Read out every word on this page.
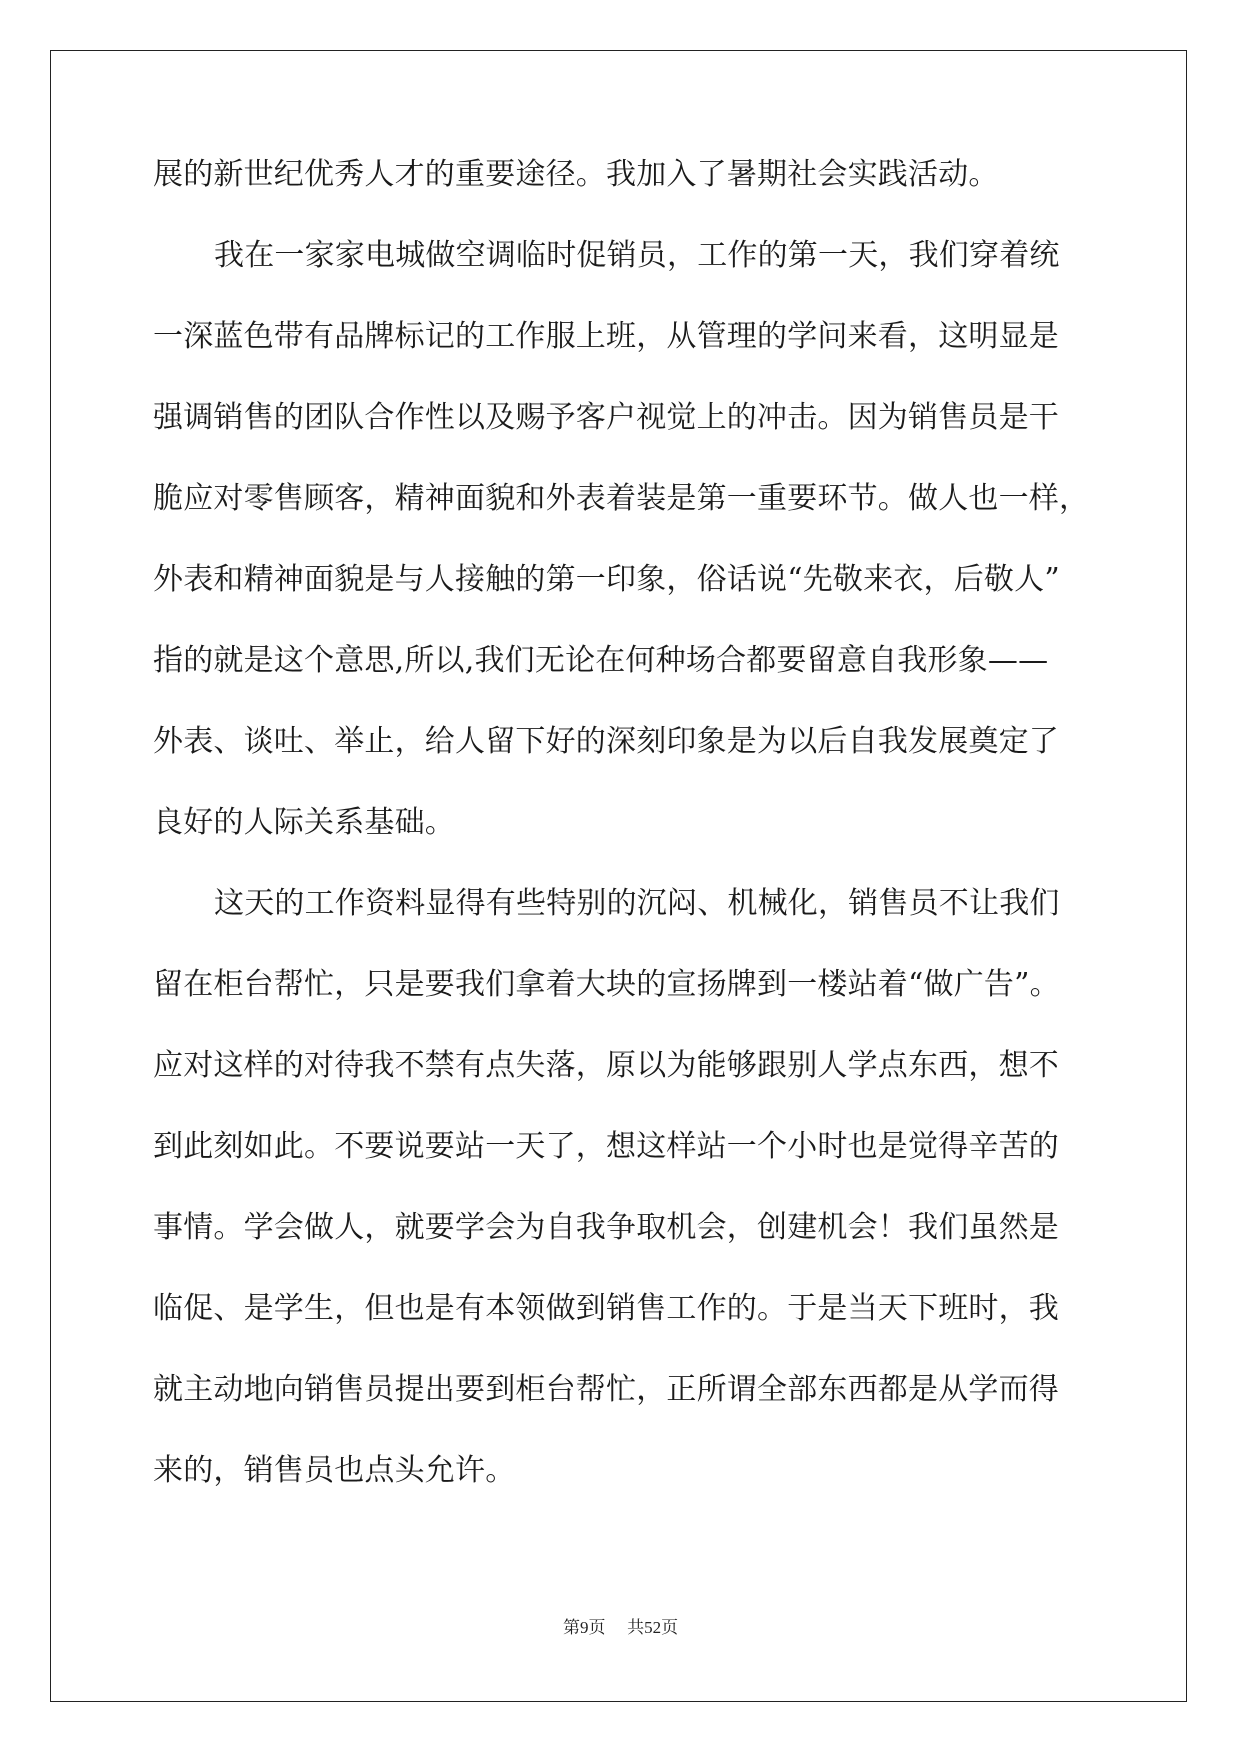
展的新世纪优秀人才的重要途径。我加入了暑期社会实践活动。
我在一家家电城做空调临时促销员，工作的第一天，我们穿着统
一深蓝色带有品牌标记的工作服上班，从管理的学问来看，这明显是
强调销售的团队合作性以及赐予客户视觉上的冲击。因为销售员是干
脆应对零售顾客，精神面貌和外表着装是第一重要环节。做人也一样，
外表和精神面貌是与人接触的第一印象，俗话说“先敬来衣，后敬人”
指的就是这个意思,所以,我们无论在何种场合都要留意自我形象——
外表、谈吐、举止，给人留下好的深刻印象是为以后自我发展奠定了
良好的人际关系基础。
这天的工作资料显得有些特别的沉闷、机械化，销售员不让我们
留在柜台帮忙，只是要我们拿着大块的宣扬牌到一楼站着“做广告”。
应对这样的对待我不禁有点失落，原以为能够跟别人学点东西，想不
到此刻如此。不要说要站一天了，想这样站一个小时也是觉得辛苦的
事情。学会做人，就要学会为自我争取机会，创建机会！我们虽然是
临促、是学生，但也是有本领做到销售工作的。于是当天下班时，我
就主动地向销售员提出要到柜台帮忙，正所谓全部东西都是从学而得
来的，销售员也点头允许。
第9页 共52页
